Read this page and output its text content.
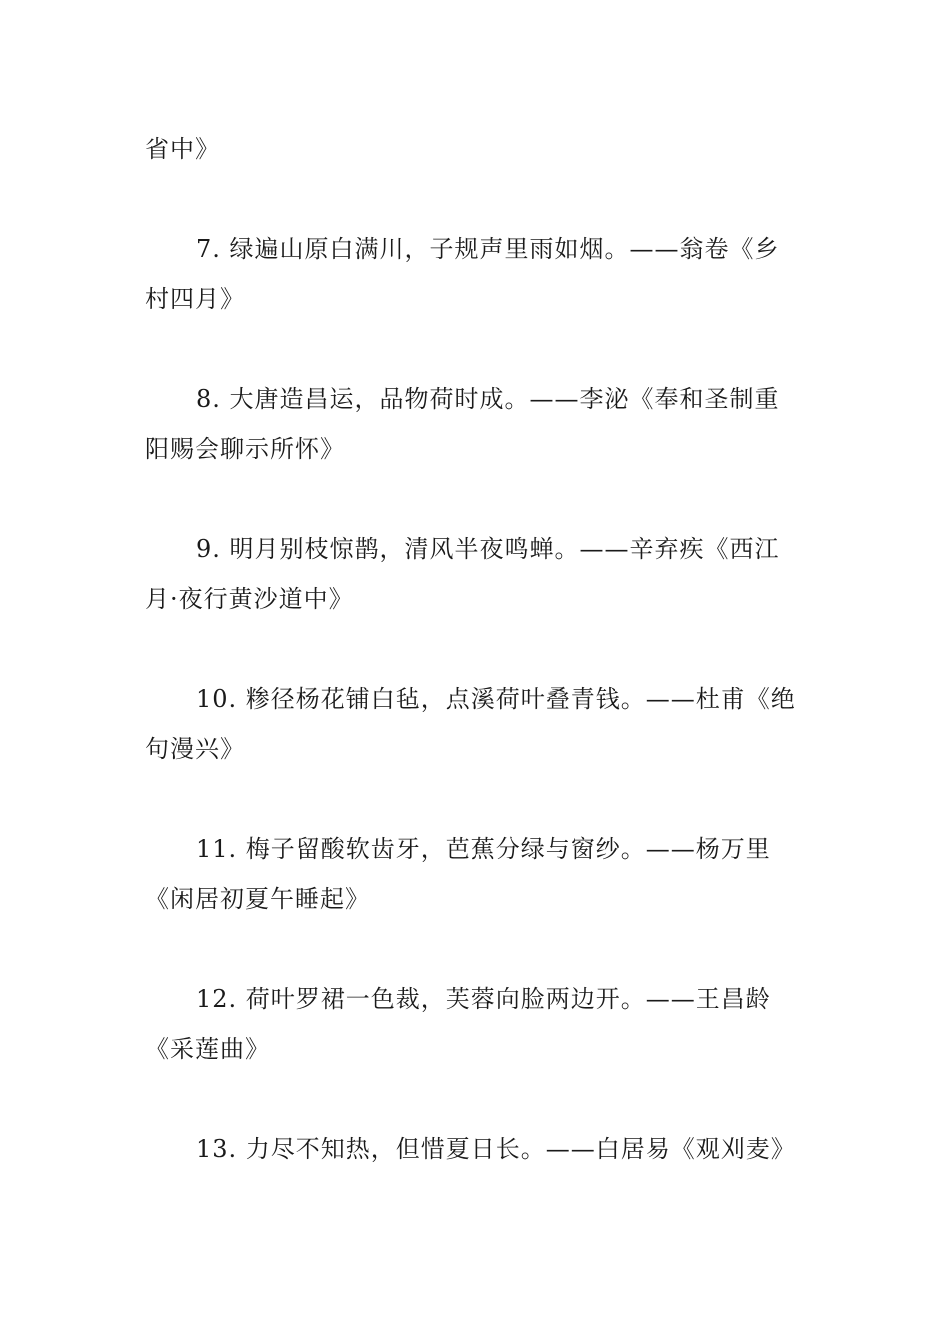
省中》
7. 绿遍山原白满川，子规声里雨如烟。——翁卷《乡
村四月》
8. 大唐造昌运，品物荷时成。——李泌《奉和圣制重
阳赐会聊示所怀》
9. 明月别枝惊鹊，清风半夜鸣蝉。——辛弃疾《西江
月·夜行黄沙道中》
10. 糁径杨花铺白毡，点溪荷叶叠青钱。——杜甫《绝
句漫兴》
11. 梅子留酸软齿牙，芭蕉分绿与窗纱。——杨万里
《闲居初夏午睡起》
12. 荷叶罗裙一色裁，芙蓉向脸两边开。——王昌龄
《采莲曲》
13. 力尽不知热，但惜夏日长。——白居易《观刈麦》
